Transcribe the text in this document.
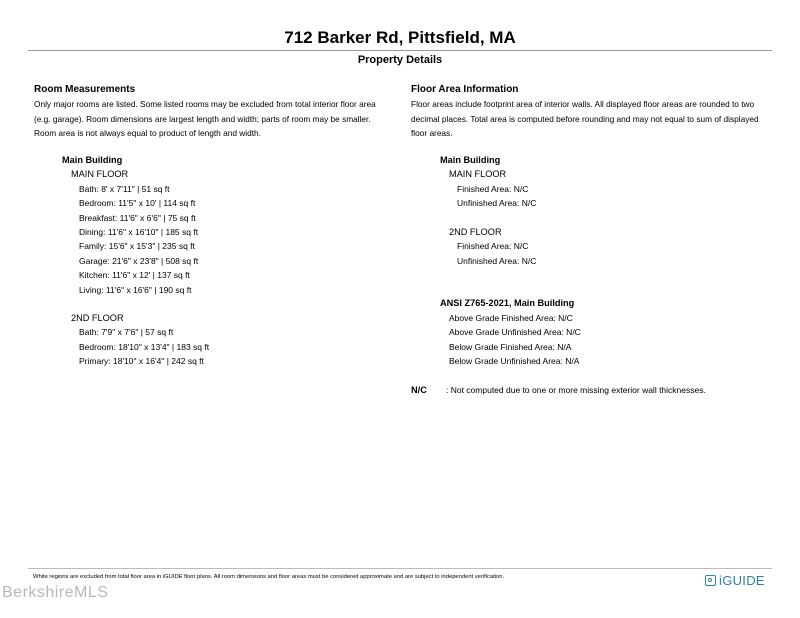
712 Barker Rd, Pittsfield, MA
Property Details
Room Measurements
Only major rooms are listed. Some listed rooms may be excluded from total interior floor area
(e.g. garage). Room dimensions are largest length and width; parts of room may be smaller.
Room area is not always equal to product of length and width.
Main Building
MAIN FLOOR
Bath: 8' x 7'11" | 51 sq ft
Bedroom: 11'5" x 10' | 114 sq ft
Breakfast: 11'6" x 6'6" | 75 sq ft
Dining: 11'6" x 16'10" | 185 sq ft
Family: 15'6" x 15'3" | 235 sq ft
Garage: 21'6" x 23'8" | 508 sq ft
Kitchen: 11'6" x 12' | 137 sq ft
Living: 11'6" x 16'6" | 190 sq ft
2ND FLOOR
Bath: 7'9" x 7'6" | 57 sq ft
Bedroom: 18'10" x 13'4" | 183 sq ft
Primary: 18'10" x 16'4" | 242 sq ft
Floor Area Information
Floor areas include footprint area of interior walls. All displayed floor areas are rounded to two
decimal places. Total area is computed before rounding and may not equal to sum of displayed
floor areas.
Main Building
MAIN FLOOR
Finished Area: N/C
Unfinished Area: N/C
2ND FLOOR
Finished Area: N/C
Unfinished Area: N/C
ANSI Z765-2021, Main Building
Above Grade Finished Area: N/C
Above Grade Unfinished Area: N/C
Below Grade Finished Area: N/A
Below Grade Unfinished Area: N/A
N/C : Not computed due to one or more missing exterior wall thicknesses.
White regions are excluded from total floor area in iGUIDE floor plans. All room dimensions and floor areas must be considered approximate and are subject to independent verification.	iGUIDE
BerkshireMLS
